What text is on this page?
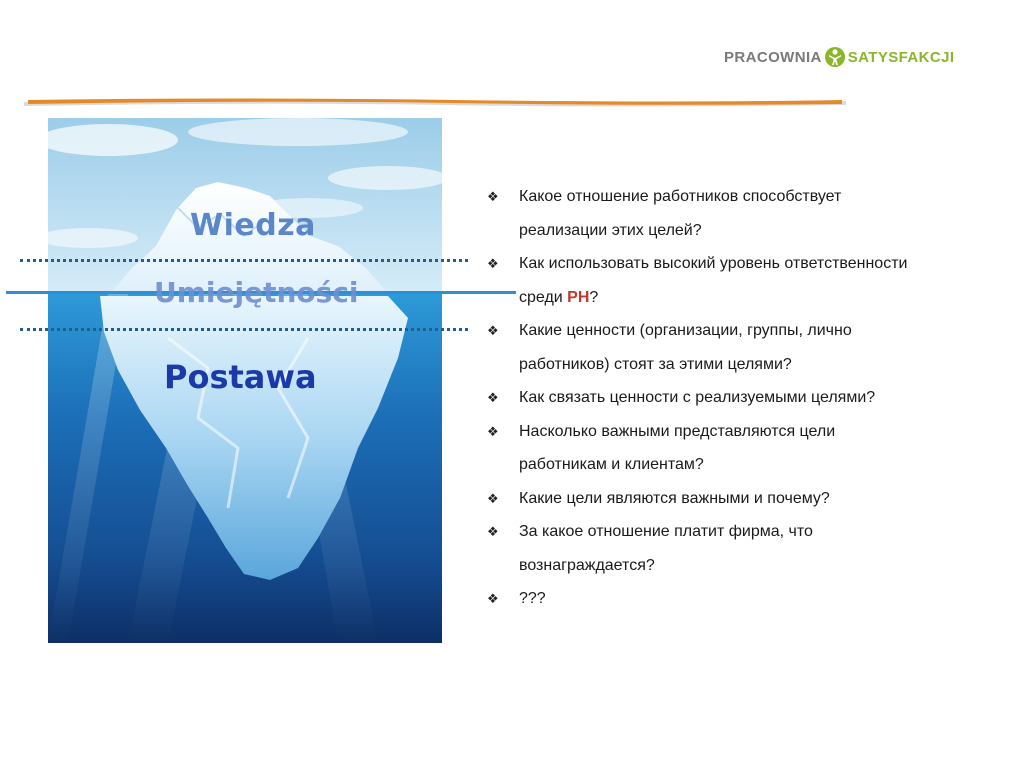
PRACOWNIA SATYSFAKCJI
Wiedza
Umiejętności
Postawa
❖ Какое отношение работников способствует
реализации этих целей?
❖ Как использовать высокий уровень ответственности
среди PH?
❖ Какие ценности (организации, группы, лично
работников) стоят за этими целями?
❖ Как связать ценности с реализуемыми целями?
❖ Насколько важными представляются цели
работникам и клиентам?
❖ Какие цели являются важными и почему?
❖ За какое отношение платит фирма, что
вознаграждается?
❖ ???
